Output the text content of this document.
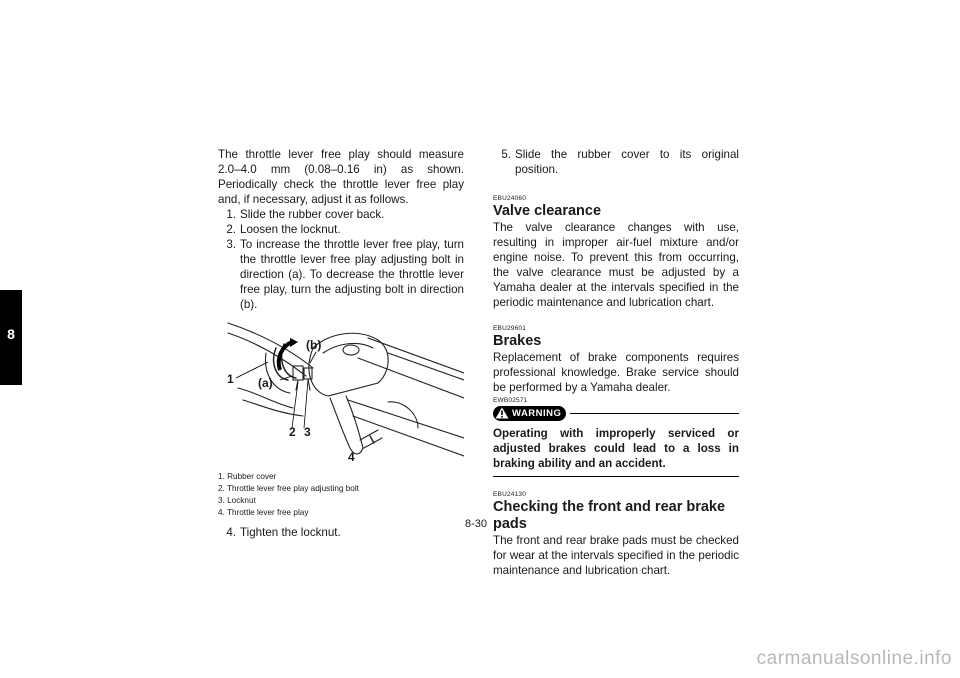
8

The throttle lever free play should measure 2.0–4.0 mm (0.08–0.16 in) as shown. Periodically check the throttle lever free play and, if necessary, adjust it as follows.

1. Slide the rubber cover back.
2. Loosen the locknut.
3. To increase the throttle lever free play, turn the throttle lever free play adjusting bolt in direction (a). To decrease the throttle lever free play, turn the adjusting bolt in direction (b).
1 (a)
(b)
2 3
4
1. Rubber cover
2. Throttle lever free play adjusting bolt
3. Locknut
4. Throttle lever free play
4. Tighten the locknut.
5. Slide the rubber cover to its original position.

EBU24060

Valve clearance

The valve clearance changes with use, resulting in improper air-fuel mixture and/or engine noise. To prevent this from occurring, the valve clearance must be adjusted by a Yamaha dealer at the intervals specified in the periodic maintenance and lubrication chart.

EBU29601

Brakes

Replacement of brake components requires professional knowledge. Brake service should be performed by a Yamaha dealer.

EWB02571

WARNING

Operating with improperly serviced or adjusted brakes could lead to a loss in braking ability and an accident.

EBU24130

Checking the front and rear brake pads

The front and rear brake pads must be checked for wear at the intervals specified in the periodic maintenance and lubrication chart.

8-30
carmanualsonline.info
